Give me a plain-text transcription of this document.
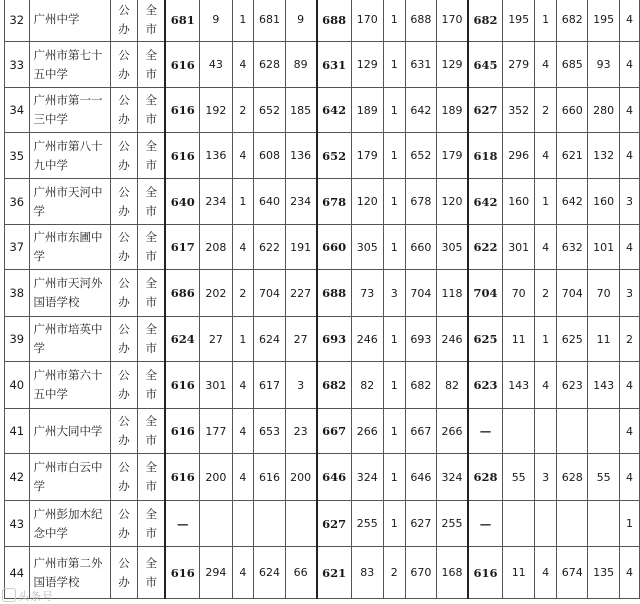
32	广州中学	公
办	全
市	681	9	1	681	9	688	170	1	688	170	682	195	1	682	195	4
33	广州市第七十五中学	公
办	全
市	616	43	4	628	89	631	129	1	631	129	645	279	4	685	93	4
34	广州市第一一三中学	公
办	全
市	616	192	2	652	185	642	189	1	642	189	627	352	2	660	280	4
35	广州市第八十九中学	公
办	全
市	616	136	4	608	136	652	179	1	652	179	618	296	4	621	132	4
36	广州市天河中学	公
办	全
市	640	234	1	640	234	678	120	1	678	120	642	160	1	642	160	3
37	广州市东圃中学	公
办	全
市	617	208	4	622	191	660	305	1	660	305	622	301	4	632	101	4
38	广州市天河外国语学校	公
办	全
市	686	202	2	704	227	688	73	3	704	118	704	70	2	704	70	3
39	广州市培英中学	公
办	全
市	624	27	1	624	27	693	246	1	693	246	625	11	1	625	11	2
40	广州市第六十五中学	公
办	全
市	616	301	4	617	3	682	82	1	682	82	623	143	4	623	143	4
41	广州大同中学	公
办	全
市	616	177	4	653	23	667	266	1	667	266	—					4
42	广州市白云中学	公
办	全
市	616	200	4	616	200	646	324	1	646	324	628	55	3	628	55	4
43	广州彭加木纪念中学	公
办	全
市	—					627	255	1	627	255	—					1
44	广州市第二外国语学校	公
办	全
市	616	294	4	624	66	621	83	2	670	168	616	11	4	674	135	4
头条号
